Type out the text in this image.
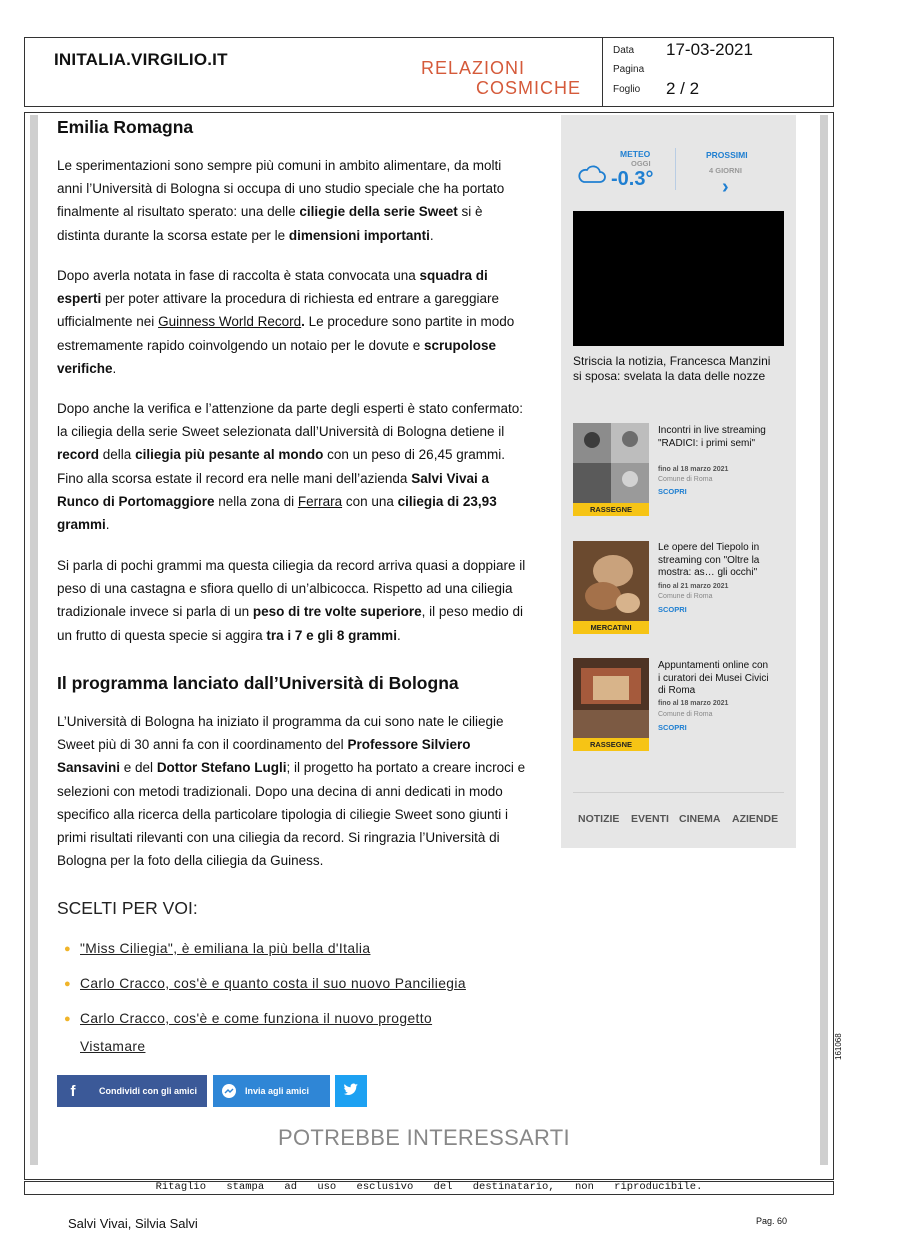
INITALIA.VIRGILIO.IT	RELAZIONI
COSMICHE
Data 17-03-2021
Pagina
Foglio 2 / 2
Emilia Romagna
Le sperimentazioni sono sempre più comuni in ambito alimentare, da molti anni l’Università di Bologna si occupa di uno studio speciale che ha portato finalmente al risultato sperato: una delle ciliegie della serie Sweet si è distinta durante la scorsa estate per le dimensioni importanti.
Dopo averla notata in fase di raccolta è stata convocata una squadra di esperti per poter attivare la procedura di richiesta ed entrare a gareggiare ufficialmente nei Guinness World Record. Le procedure sono partite in modo estremamente rapido coinvolgendo un notaio per le dovute e scrupolose verifiche.
Dopo anche la verifica e l’attenzione da parte degli esperti è stato confermato: la ciliegia della serie Sweet selezionata dall’Università di Bologna detiene il record della ciliegia più pesante al mondo con un peso di 26,45 grammi. Fino alla scorsa estate il record era nelle mani dell’azienda Salvi Vivai a Runco di Portomaggiore nella zona di Ferrara con una ciliegia di 23,93 grammi.
Si parla di pochi grammi ma questa ciliegia da record arriva quasi a doppiare il peso di una castagna e sfiora quello di un’albicocca. Rispetto ad una ciliegia tradizionale invece si parla di un peso di tre volte superiore, il peso medio di un frutto di questa specie si aggira tra i 7 e gli 8 grammi.
Il programma lanciato dall’Università di Bologna
L’Università di Bologna ha iniziato il programma da cui sono nate le ciliegie Sweet più di 30 anni fa con il coordinamento del Professore Silviero Sansavini e del Dottor Stefano Lugli; il progetto ha portato a creare incroci e selezioni con metodi tradizionali. Dopo una decina di anni dedicati in modo specifico alla ricerca della particolare tipologia di ciliegie Sweet sono giunti i primi risultati rilevanti con una ciliegia da record. Si ringrazia l’Università di Bologna per la foto della ciliegia da Guiness.
SCELTI PER VOI:
● "Miss Ciliegia", è emiliana la più bella d'Italia
● Carlo Cracco, cos'è e quanto costa il suo nuovo Panciliegia
● Carlo Cracco, cos'è e come funziona il nuovo progetto Vistamare
f	Condividi con gli amici	Invia agli amici
POTREBBE INTERESSARTI
METEO
OGGI
-0.3°
PROSSIMI
4 GIORNI
›
Striscia la notizia, Francesca Manzini si sposa: svelata la data delle nozze
RASSEGNE
Incontri in live streaming "RADICI: i primi semi"
fino al 18 marzo 2021
Comune di Roma
SCOPRI
MERCATINI
Le opere del Tiepolo in streaming con "Oltre la mostra: as… gli occhi"
fino al 21 marzo 2021
Comune di Roma
SCOPRI
RASSEGNE
Appuntamenti online con i curatori dei Musei Civici di Roma
fino al 18 marzo 2021
Comune di Roma
SCOPRI
NOTIZIE EVENTI CINEMA AZIENDE
Ritaglio stampa ad uso esclusivo del destinatario, non riproducibile.
Salvi Vivai, Silvia Salvi	Pag. 60
161068
